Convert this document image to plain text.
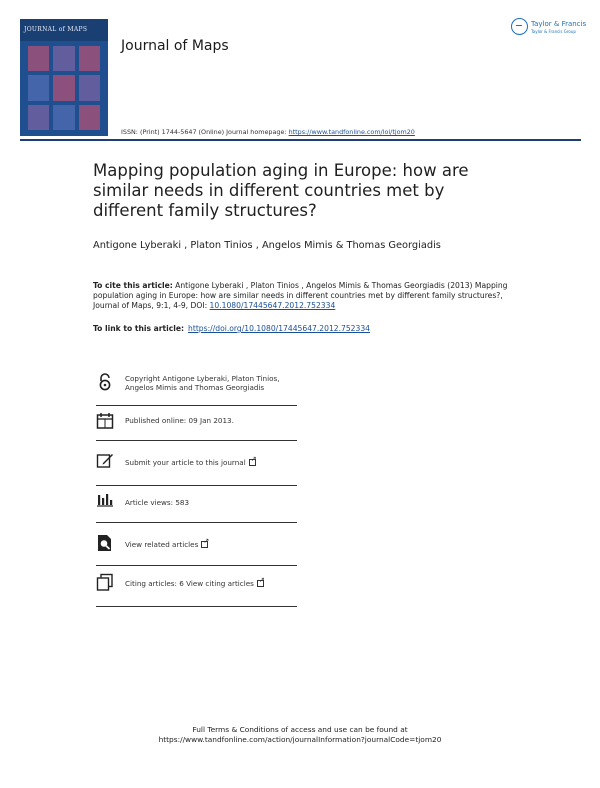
JOURNAL of MAPS
Journal of Maps
ISSN: (Print) 1744-5647 (Online) Journal homepage: https://www.tandfonline.com/loi/tjom20
Taylor & Francis
Taylor & Francis Group
Mapping population aging in Europe: how are similar needs in different countries met by different family structures?
Antigone Lyberaki , Platon Tinios , Angelos Mimis & Thomas Georgiadis
To cite this article: Antigone Lyberaki , Platon Tinios , Angelos Mimis & Thomas Georgiadis (2013) Mapping population aging in Europe: how are similar needs in different countries met by different family structures?, Journal of Maps, 9:1, 4-9, DOI: 10.1080/17445647.2012.752334
To link to this article: https://doi.org/10.1080/17445647.2012.752334
Copyright Antigone Lyberaki, Platon Tinios, Angelos Mimis and Thomas Georgiadis
Published online: 09 Jan 2013.
Submit your article to this journal↗
Article views: 583
View related articles↗
Citing articles: 6 View citing articles↗
Full Terms & Conditions of access and use can be found at
https://www.tandfonline.com/action/journalInformation?journalCode=tjom20
